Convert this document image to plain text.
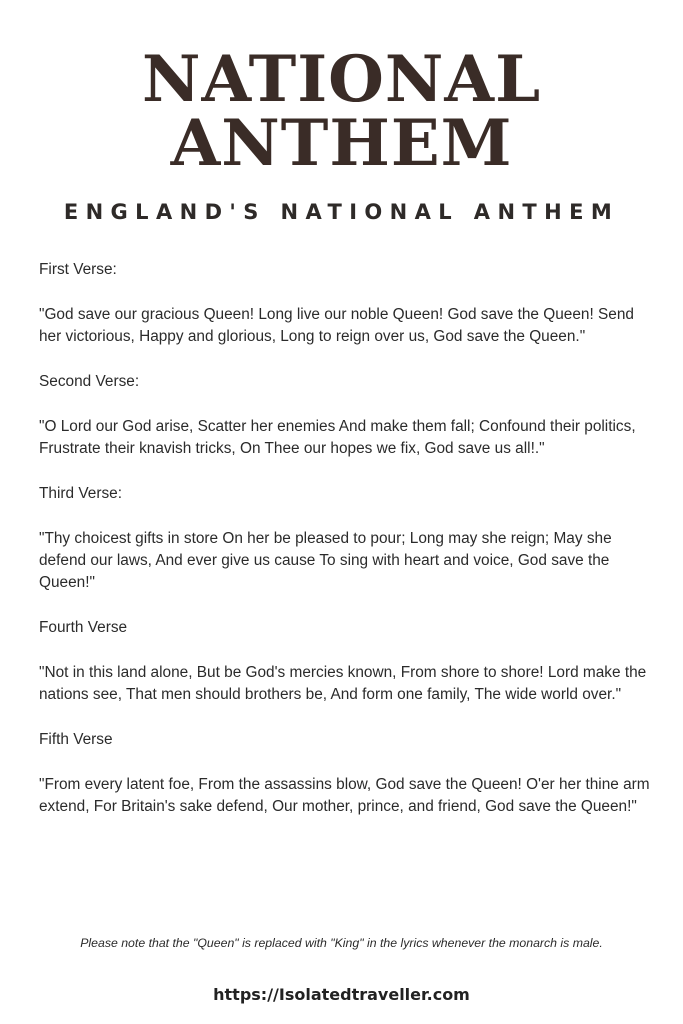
NATIONAL
ANTHEM
ENGLAND'S NATIONAL ANTHEM

First Verse:

"God save our gracious Queen! Long live our noble Queen! God save the Queen! Send her victorious, Happy and glorious, Long to reign over us, God save the Queen."

Second Verse:

"O Lord our God arise, Scatter her enemies And make them fall; Confound their politics, Frustrate their knavish tricks, On Thee our hopes we fix, God save us all!."

Third Verse:

"Thy choicest gifts in store On her be pleased to pour; Long may she reign; May she defend our laws, And ever give us cause To sing with heart and voice, God save the Queen!"

Fourth Verse

"Not in this land alone, But be God's mercies known, From shore to shore! Lord make the nations see, That men should brothers be, And form one family, The wide world over."

Fifth Verse

"From every latent foe, From the assassins blow, God save the Queen! O'er her thine arm extend, For Britain's sake defend, Our mother, prince, and friend, God save the Queen!"

Please note that the "Queen" is replaced with "King" in the lyrics whenever the monarch is male.
https://Isolatedtraveller.com
